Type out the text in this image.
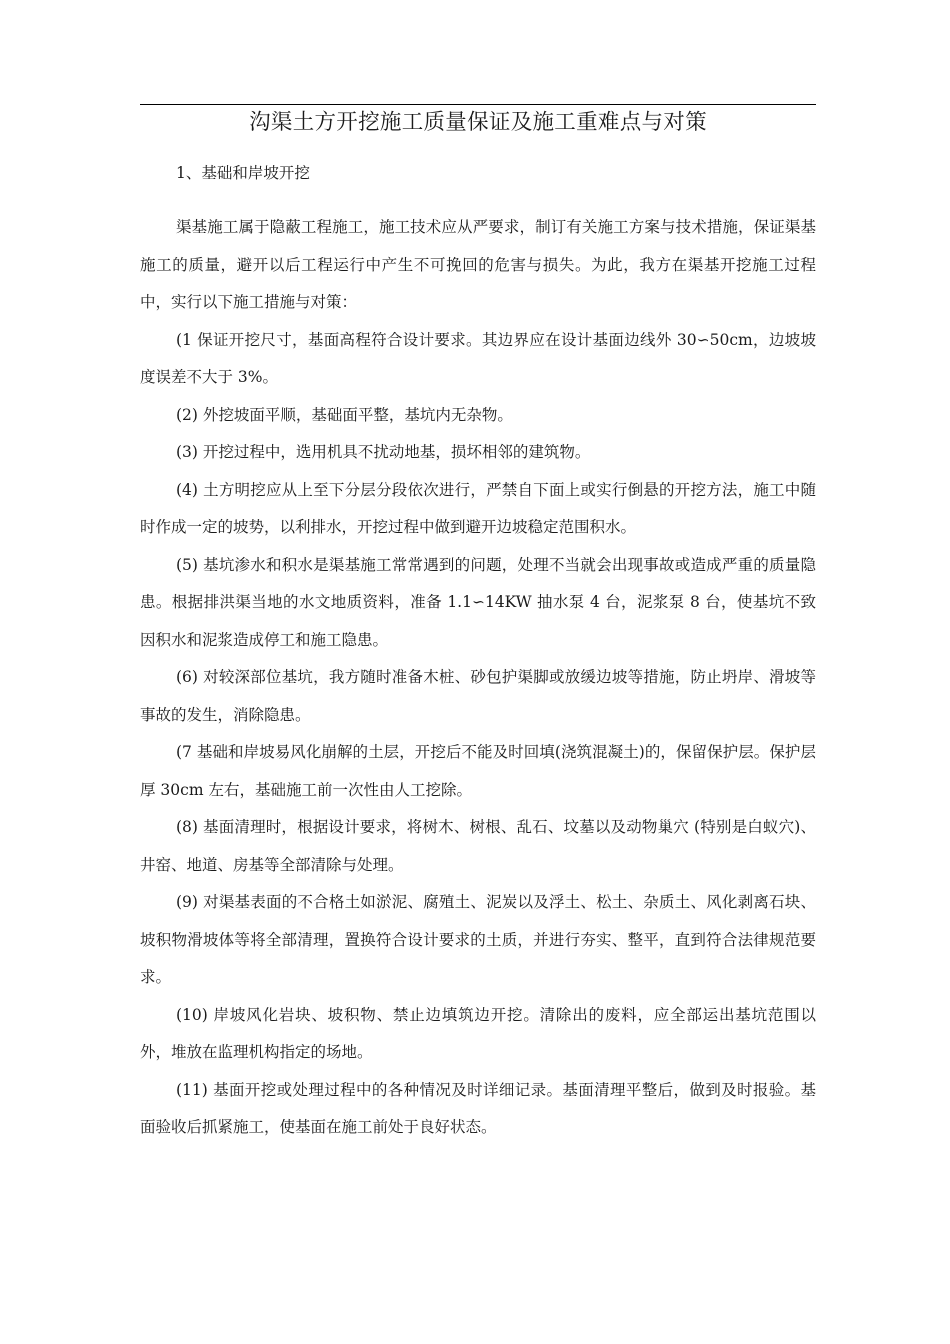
沟渠土方开挖施工质量保证及施工重难点与对策
1、基础和岸坡开挖

渠基施工属于隐蔽工程施工，施工技术应从严要求，制订有关施工方案与技术措施，保证渠基施工的质量，避开以后工程运行中产生不可挽回的危害与损失。为此，我方在渠基开挖施工过程中，实行以下施工措施与对策：

(1 保证开挖尺寸，基面高程符合设计要求。其边界应在设计基面边线外 30∽50cm，边坡坡度误差不大于 3%。

(2) 外挖坡面平顺，基础面平整，基坑内无杂物。

(3) 开挖过程中，选用机具不扰动地基，损坏相邻的建筑物。

(4) 土方明挖应从上至下分层分段依次进行，严禁自下面上或实行倒悬的开挖方法，施工中随时作成一定的坡势，以利排水，开挖过程中做到避开边坡稳定范围积水。

(5) 基坑渗水和积水是渠基施工常常遇到的问题，处理不当就会出现事故或造成严重的质量隐患。根据排洪渠当地的水文地质资料，准备 1.1∽14KW 抽水泵 4 台，泥浆泵 8 台，使基坑不致因积水和泥浆造成停工和施工隐患。

(6) 对较深部位基坑，我方随时准备木桩、砂包护渠脚或放缓边坡等措施，防止坍岸、滑坡等事故的发生，消除隐患。

(7 基础和岸坡易风化崩解的土层，开挖后不能及时回填(浇筑混凝土)的，保留保护层。保护层厚 30cm 左右，基础施工前一次性由人工挖除。

(8) 基面清理时，根据设计要求，将树木、树根、乱石、坟墓以及动物巢穴 (特别是白蚁穴)、井窑、地道、房基等全部清除与处理。

(9) 对渠基表面的不合格土如淤泥、腐殖土、泥炭以及浮土、松土、杂质土、风化剥离石块、坡积物滑坡体等将全部清理，置换符合设计要求的土质，并进行夯实、整平，直到符合法律规范要求。

(10) 岸坡风化岩块、坡积物、禁止边填筑边开挖。清除出的废料，应全部运出基坑范围以外，堆放在监理机构指定的场地。

(11) 基面开挖或处理过程中的各种情况及时详细记录。基面清理平整后，做到及时报验。基面验收后抓紧施工，使基面在施工前处于良好状态。
